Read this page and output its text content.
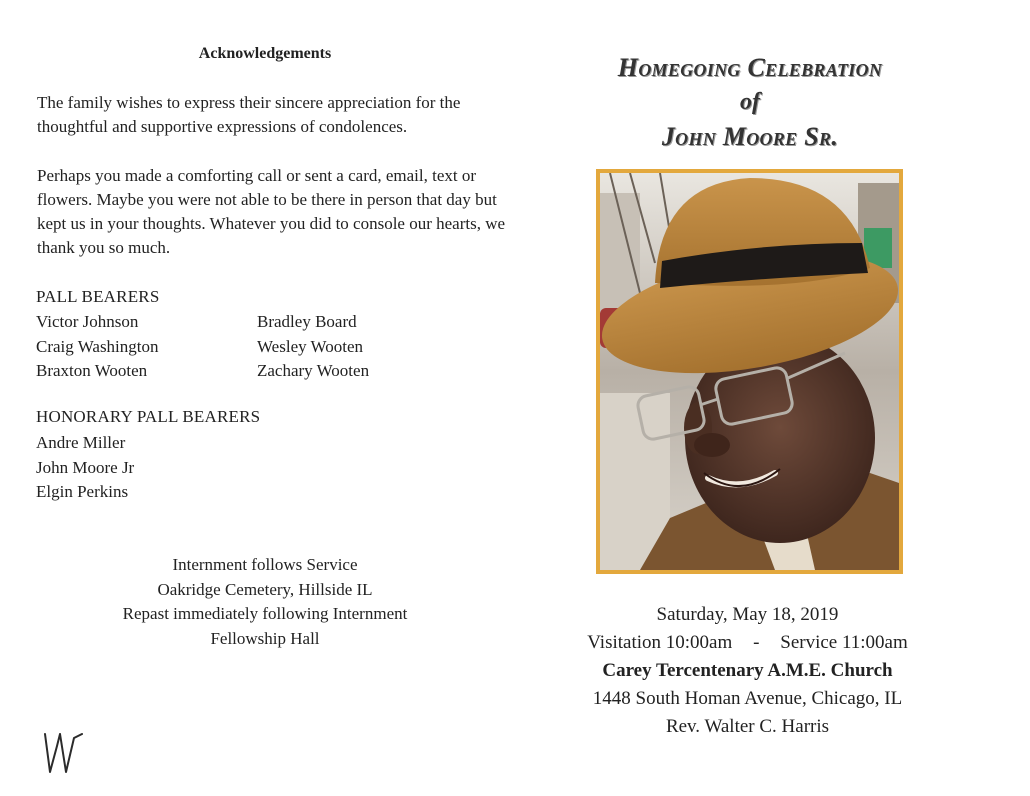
Acknowledgements

The family wishes to express their sincere appreciation for the thoughtful and supportive expressions of condolences.

Perhaps you made a comforting call or sent a card, email, text or flowers. Maybe you were not able to be there in person that day but kept us in your thoughts. Whatever you did to console our hearts, we thank you so much.

PALL BEARERS
Victor Johnson
Craig Washington
Braxton Wooten
Bradley Board
Wesley Wooten
Zachary Wooten
HONORARY PALL BEARERS
Andre Miller
John Moore Jr
Elgin Perkins
Internment follows Service
Oakridge Cemetery, Hillside IL
Repast immediately following Internment
Fellowship Hall
Homegoing Celebration
of
John Moore Sr.
Saturday, May 18, 2019
Visitation 10:00am - Service 11:00am
Carey Tercentenary A.M.E. Church
1448 South Homan Avenue, Chicago, IL
Rev. Walter C. Harris
